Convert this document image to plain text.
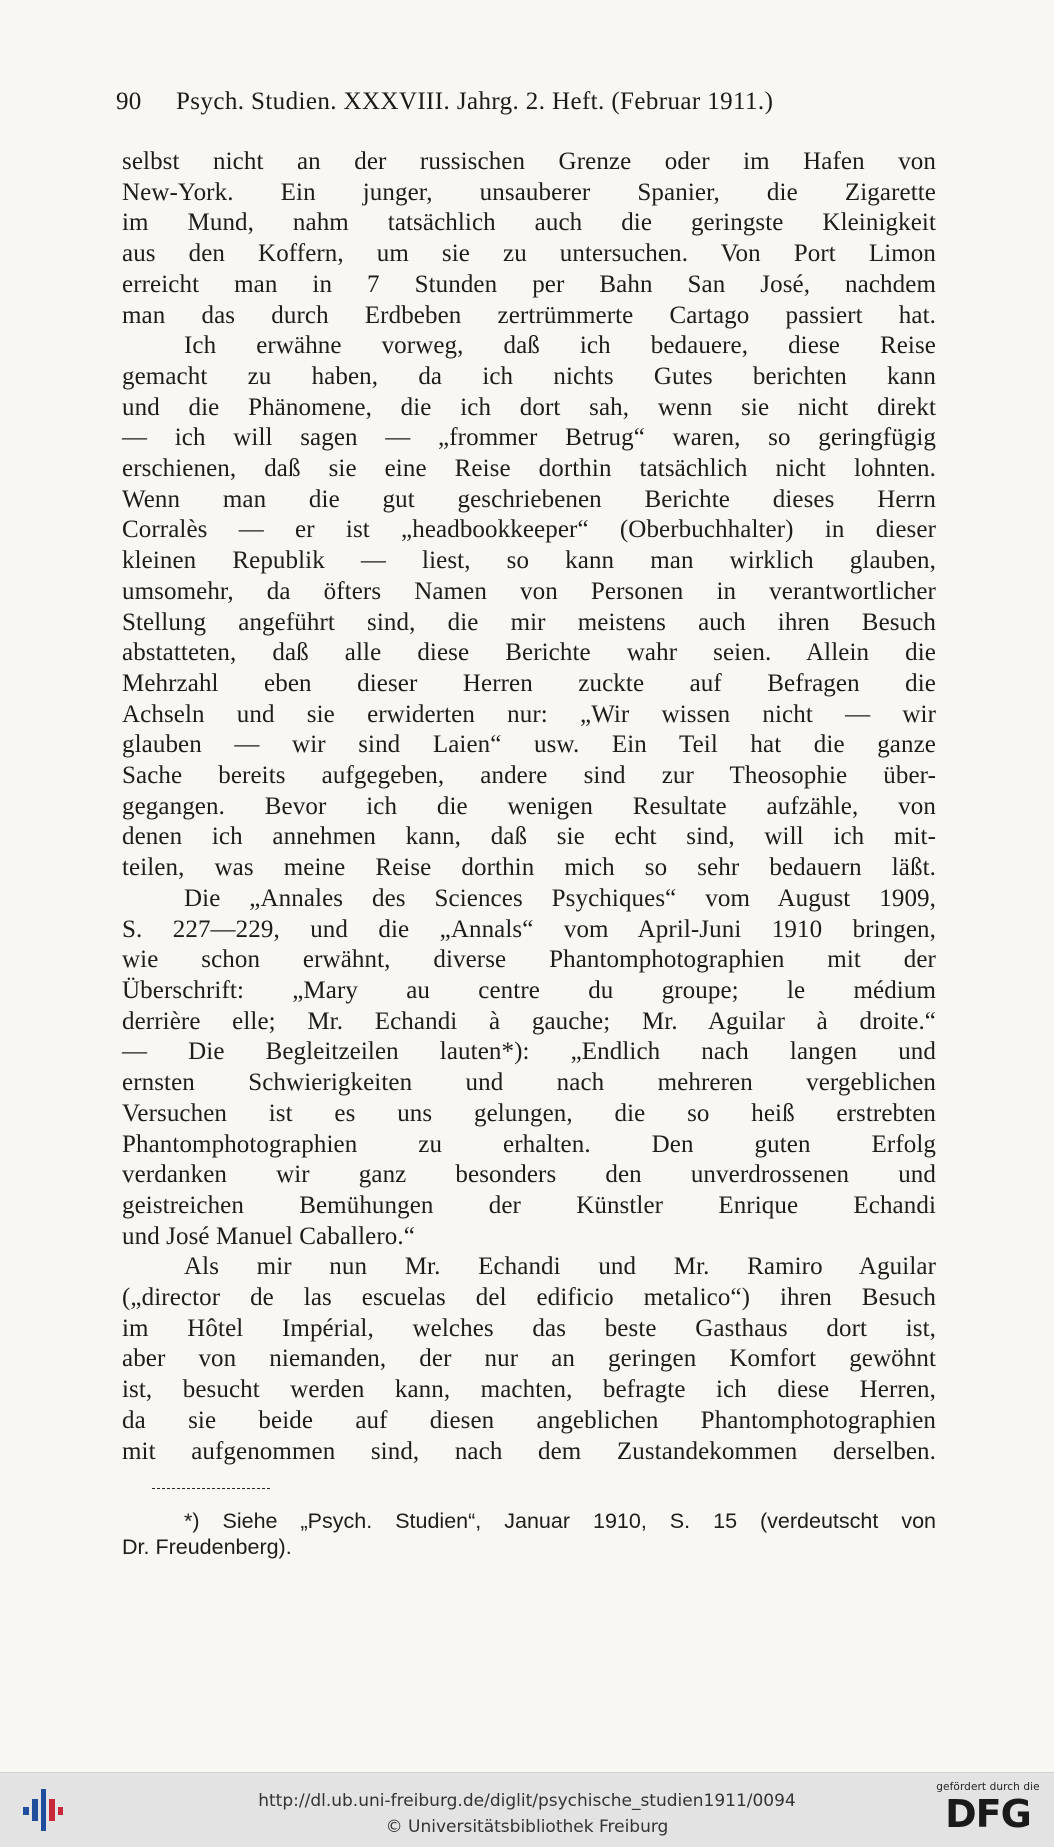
90	Psych. Studien. XXXVIII. Jahrg. 2. Heft. (Februar 1911.)
selbst nicht an der russischen Grenze oder im Hafen von
New-York. Ein junger, unsauberer Spanier, die Zigarette
im Mund, nahm tatsächlich auch die geringste Kleinigkeit
aus den Koffern, um sie zu untersuchen. Von Port Limon
erreicht man in 7 Stunden per Bahn San José, nachdem
man das durch Erdbeben zertrümmerte Cartago passiert hat.
Ich erwähne vorweg, daß ich bedauere, diese Reise
gemacht zu haben, da ich nichts Gutes berichten kann
und die Phänomene, die ich dort sah, wenn sie nicht direkt
— ich will sagen — „frommer Betrug“ waren, so geringfügig
erschienen, daß sie eine Reise dorthin tatsächlich nicht lohnten.
Wenn man die gut geschriebenen Berichte dieses Herrn
Corralès — er ist „headbookkeeper“ (Oberbuchhalter) in dieser
kleinen Republik — liest, so kann man wirklich glauben,
umsomehr, da öfters Namen von Personen in verantwortlicher
Stellung angeführt sind, die mir meistens auch ihren Besuch
abstatteten, daß alle diese Berichte wahr seien. Allein die
Mehrzahl eben dieser Herren zuckte auf Befragen die
Achseln und sie erwiderten nur: „Wir wissen nicht — wir
glauben — wir sind Laien“ usw. Ein Teil hat die ganze
Sache bereits aufgegeben, andere sind zur Theosophie über-
gegangen. Bevor ich die wenigen Resultate aufzähle, von
denen ich annehmen kann, daß sie echt sind, will ich mit-
teilen, was meine Reise dorthin mich so sehr bedauern läßt.
Die „Annales des Sciences Psychiques“ vom August 1909,
S. 227—229, und die „Annals“ vom April-Juni 1910 bringen,
wie schon erwähnt, diverse Phantomphotographien mit der
Überschrift: „Mary au centre du groupe; le médium
derrière elle; Mr. Echandi à gauche; Mr. Aguilar à droite.“
— Die Begleitzeilen lauten*): „Endlich nach langen und
ernsten Schwierigkeiten und nach mehreren vergeblichen
Versuchen ist es uns gelungen, die so heiß erstrebten
Phantomphotographien zu erhalten. Den guten Erfolg
verdanken wir ganz besonders den unverdrossenen und
geistreichen Bemühungen der Künstler Enrique Echandi
und José Manuel Caballero.“
Als mir nun Mr. Echandi und Mr. Ramiro Aguilar
(„director de las escuelas del edificio metalico“) ihren Besuch
im Hôtel Impérial, welches das beste Gasthaus dort ist,
aber von niemanden, der nur an geringen Komfort gewöhnt
ist, besucht werden kann, machten, befragte ich diese Herren,
da sie beide auf diesen angeblichen Phantomphotographien
mit aufgenommen sind, nach dem Zustandekommen derselben.
*) Siehe „Psych. Studien“, Januar 1910, S. 15 (verdeutscht von
Dr. Freudenberg).
http://dl.ub.uni-freiburg.de/diglit/psychische_studien1911/0094
© Universitätsbibliothek Freiburg
gefördert durch die
DFG
